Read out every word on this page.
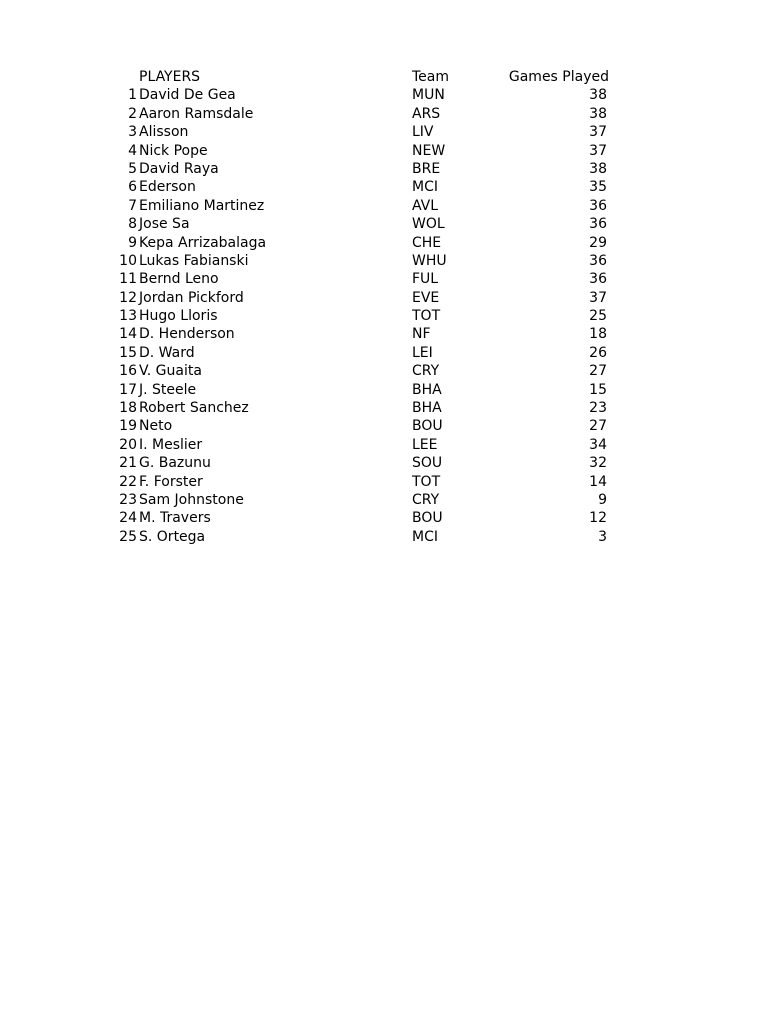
PLAYERS	Team	Games Played
1 David De Gea	MUN	38
2 Aaron Ramsdale	ARS	38
3 Alisson	LIV	37
4 Nick Pope	NEW	37
5 David Raya	BRE	38
6 Ederson	MCI	35
7 Emiliano Martinez	AVL	36
8 Jose Sa	WOL	36
9 Kepa Arrizabalaga	CHE	29
10 Lukas Fabianski	WHU	36
11 Bernd Leno	FUL	36
12 Jordan Pickford	EVE	37
13 Hugo Lloris	TOT	25
14 D. Henderson	NF	18
15 D. Ward	LEI	26
16 V. Guaita	CRY	27
17 J. Steele	BHA	15
18 Robert Sanchez	BHA	23
19 Neto	BOU	27
20 I. Meslier	LEE	34
21 G. Bazunu	SOU	32
22 F. Forster	TOT	14
23 Sam Johnstone	CRY	9
24 M. Travers	BOU	12
25 S. Ortega	MCI	3
